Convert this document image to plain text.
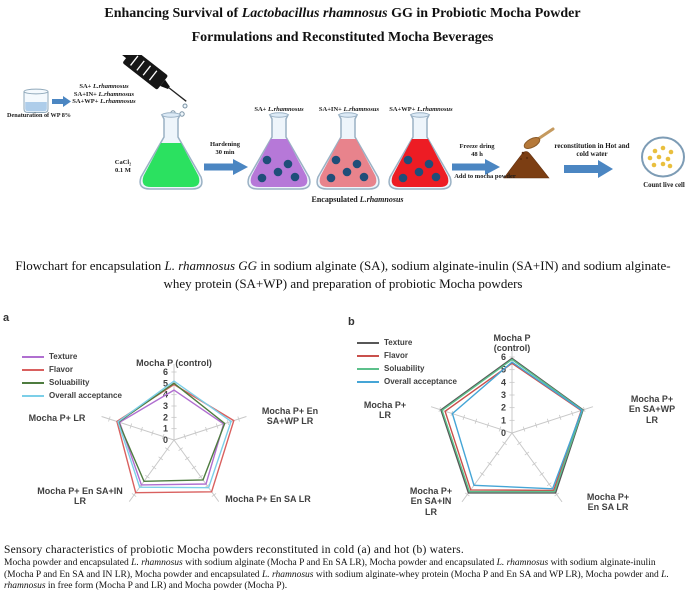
Enhancing Survival of Lactobacillus rhamnosus GG in Probiotic Mocha Powder
Formulations and Reconstituted Mocha Beverages
SA+ L.rhamnosus
SA+IN+ L.rhamnosus
SA+WP+ L.rhamnosus
Denaturation of WP 8%
CaCl₂
0.1 M
Hardening
30 min
SA+ L.rhamnosus	SA+IN+ L.rhamnosus	SA+WP+ L.rhamnosus
Encapsulated L.rhamnosus
Freeze dring
48 h
Add to mocha powder
reconstitution in Hot and
cold water
Count live cell
Flowchart for encapsulation L. rhamnosus GG in sodium alginate (SA), sodium alginate-inulin (SA+IN) and sodium alginate-whey protein (SA+WP) and preparation of probiotic Mocha powders
a
0
1
2
3
4
5
6
Texture
Flavor
Soluability
Overall acceptance
Mocha P (control)
Mocha P+ En
SA+WP LR
Mocha P+ En SA LR
Mocha P+ En SA+IN
LR
Mocha P+ LR
b
0
1
2
3
4
5
6
Texture
Flavor
Soluability
Overall acceptance
Mocha P
(control)
Mocha P+
En SA+WP
LR
Mocha P+
En SA LR
Mocha P+
En SA+IN
LR
Mocha P+
LR
Sensory characteristics of probiotic Mocha powders reconstituted in cold (a) and hot (b) waters.
Mocha powder and encapsulated L. rhamnosus with sodium alginate (Mocha P and En SA LR), Mocha powder and encapsulated L. rhamnosus with sodium alginate-inulin (Mocha P and En SA and IN LR), Mocha powder and encapsulated L. rhamnosus with sodium alginate-whey protein (Mocha P and En SA and WP LR), Mocha powder and L. rhamnosus in free form (Mocha P and LR) and Mocha powder (Mocha P).
